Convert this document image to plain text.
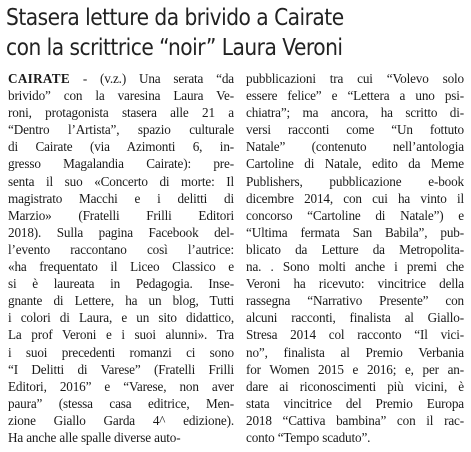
Stasera letture da brivido a Cairate
con la scrittrice “noir” Laura Veroni
CAIRATE - (v.z.) Una serata “da
brivido” con la varesina Laura Ve-
roni, protagonista stasera alle 21 a
“Dentro l’Artista”, spazio culturale
di Cairate (via Azimonti 6, in-
gresso Magalandia Cairate): pre-
senta il suo «Concerto di morte: Il
magistrato Macchi e i delitti di
Marzio» (Fratelli Frilli Editori
2018). Sulla pagina Facebook del-
l’evento raccontano così l’autrice:
«ha frequentato il Liceo Classico e
si è laureata in Pedagogia. Inse-
gnante di Lettere, ha un blog, Tutti
i colori di Laura, e un sito didattico,
La prof Veroni e i suoi alunni». Tra
i suoi precedenti romanzi ci sono
“I Delitti di Varese” (Fratelli Frilli
Editori, 2016” e “Varese, non aver
paura” (stessa casa editrice, Men-
zione Giallo Garda 4^ edizione).
Ha anche alle spalle diverse auto-
pubblicazioni tra cui “Volevo solo
essere felice” e “Lettera a uno psi-
chiatra”; ma ancora, ha scritto di-
versi racconti come “Un fottuto
Natale” (contenuto nell’antologia
Cartoline di Natale, edito da Meme
Publishers, pubblicazione e-book
dicembre 2014, con cui ha vinto il
concorso “Cartoline di Natale”) e
“Ultima fermata San Babila”, pub-
blicato da Letture da Metropolita-
na. . Sono molti anche i premi che
Veroni ha ricevuto: vincitrice della
rassegna “Narrativo Presente” con
alcuni racconti, finalista al Giallo-
Stresa 2014 col racconto “Il vici-
no”, finalista al Premio Verbania
for Women 2015 e 2016; e, per an-
dare ai riconoscimenti più vicini, è
stata vincitrice del Premio Europa
2018 “Cattiva bambina” con il rac-
conto “Tempo scaduto”.
